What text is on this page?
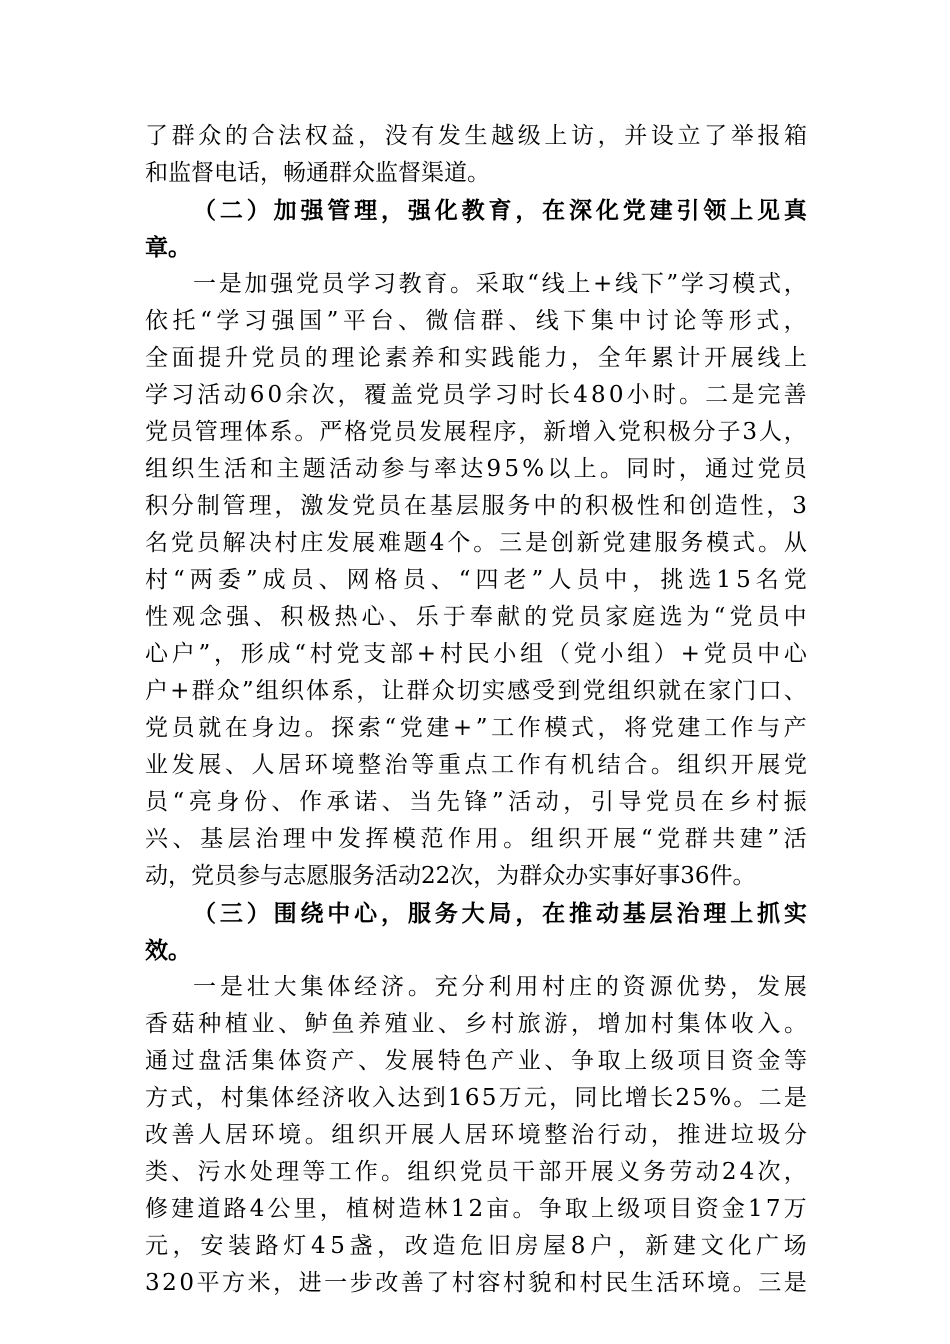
了 群 众 的 合 法 权 益 ， 没 有 发 生 越 级 上 访 ， 并 设 立 了 举 报 箱
和监督电话，畅通群众监督渠道。
（ 二 ） 加 强 管 理 ， 强 化 教 育 ， 在 深 化 党 建 引 领 上 见 真
章。
一 是 加 强 党 员 学 习 教 育 。 采 取 “ 线 上 + 线 下 ” 学 习 模 式 ，
依 托 “ 学 习 强 国 ” 平 台 、 微 信 群 、 线 下 集 中 讨 论 等 形 式 ，
全 面 提 升 党 员 的 理 论 素 养 和 实 践 能 力 ， 全 年 累 计 开 展 线 上
学 习 活 动 6 0 余 次 ， 覆 盖 党 员 学 习 时 长 4 8 0 小 时 。 二 是 完 善
党 员 管 理 体 系 。 严 格 党 员 发 展 程 序 ， 新 增 入 党 积 极 分 子 3 人 ，
组 织 生 活 和 主 题 活 动 参 与 率 达 9 5 % 以 上 。 同 时 ， 通 过 党 员
积 分 制 管 理 ， 激 发 党 员 在 基 层 服 务 中 的 积 极 性 和 创 造 性 ， 3
名 党 员 解 决 村 庄 发 展 难 题 4 个 。 三 是 创 新 党 建 服 务 模 式 。 从
村 “ 两 委 ” 成 员 、 网 格 员 、 “ 四 老 ” 人 员 中 ， 挑 选 1 5 名 党
性 观 念 强 、 积 极 热 心 、 乐 于 奉 献 的 党 员 家 庭 选 为 “ 党 员 中
心 户 ” ， 形 成 “ 村 党 支 部 + 村 民 小 组 （ 党 小 组 ） + 党 员 中 心
户 + 群 众 ” 组 织 体 系 ， 让 群 众 切 实 感 受 到 党 组 织 就 在 家 门 口 、
党 员 就 在 身 边 。 探 索 “ 党 建 + ” 工 作 模 式 ， 将 党 建 工 作 与 产
业 发 展 、 人 居 环 境 整 治 等 重 点 工 作 有 机 结 合 。 组 织 开 展 党
员 “ 亮 身 份 、 作 承 诺 、 当 先 锋 ” 活 动 ， 引 导 党 员 在 乡 村 振
兴 、 基 层 治 理 中 发 挥 模 范 作 用 。 组 织 开 展 “ 党 群 共 建 ” 活
动，党员参与志愿服务活动22次，为群众办实事好事36件。
（ 三 ） 围 绕 中 心 ， 服 务 大 局 ， 在 推 动 基 层 治 理 上 抓 实
效。
一 是 壮 大 集 体 经 济 。 充 分 利 用 村 庄 的 资 源 优 势 ， 发 展
香 菇 种 植 业 、 鲈 鱼 养 殖 业 、 乡 村 旅 游 ， 增 加 村 集 体 收 入 。
通 过 盘 活 集 体 资 产 、 发 展 特 色 产 业 、 争 取 上 级 项 目 资 金 等
方 式 ， 村 集 体 经 济 收 入 达 到 1 6 5 万 元 ， 同 比 增 长 2 5 % 。 二 是
改 善 人 居 环 境 。 组 织 开 展 人 居 环 境 整 治 行 动 ， 推 进 垃 圾 分
类 、 污 水 处 理 等 工 作 。 组 织 党 员 干 部 开 展 义 务 劳 动 2 4 次 ，
修 建 道 路 4 公 里 ， 植 树 造 林 1 2 亩 。 争 取 上 级 项 目 资 金 1 7 万
元 ， 安 装 路 灯 4 5 盏 ， 改 造 危 旧 房 屋 8 户 ， 新 建 文 化 广 场
3 2 0 平 方 米 ， 进 一 步 改 善 了 村 容 村 貌 和 村 民 生 活 环 境 。 三 是
